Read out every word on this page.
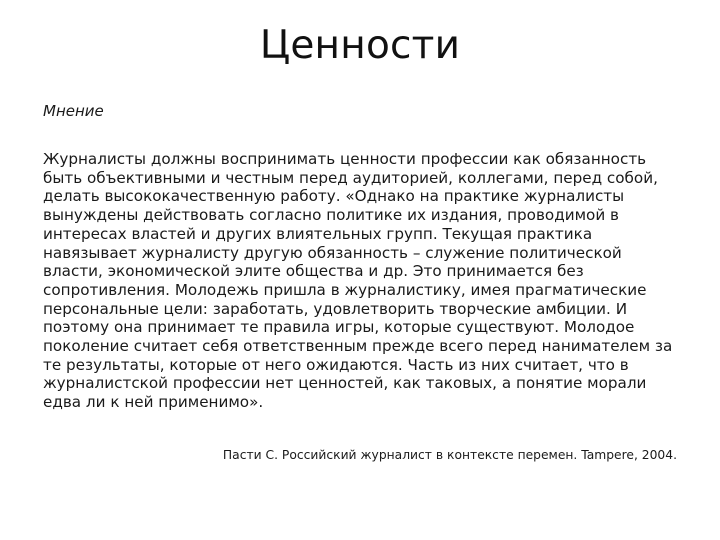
Ценности
Мнение
Журналисты должны воспринимать ценности профессии как обязанность быть объективными и честным перед аудиторией, коллегами, перед собой, делать высококачественную работу. «Однако на практике журналисты вынуждены действовать согласно политике их издания, проводимой в интересах властей и других влиятельных групп. Текущая практика навязывает журналисту другую обязанность – служение политической власти, экономической элите общества и др. Это принимается без сопротивления. Молодежь пришла в журналистику, имея прагматические персональные цели: заработать, удовлетворить творческие амбиции. И поэтому она принимает те правила игры, которые существуют. Молодое поколение считает себя ответственным прежде всего перед нанимателем за те результаты, которые от него ожидаются. Часть из них считает, что в журналистской профессии нет ценностей, как таковых, а понятие морали едва ли к ней применимо».
Пасти С. Российский журналист в контексте перемен. Tampere, 2004.
